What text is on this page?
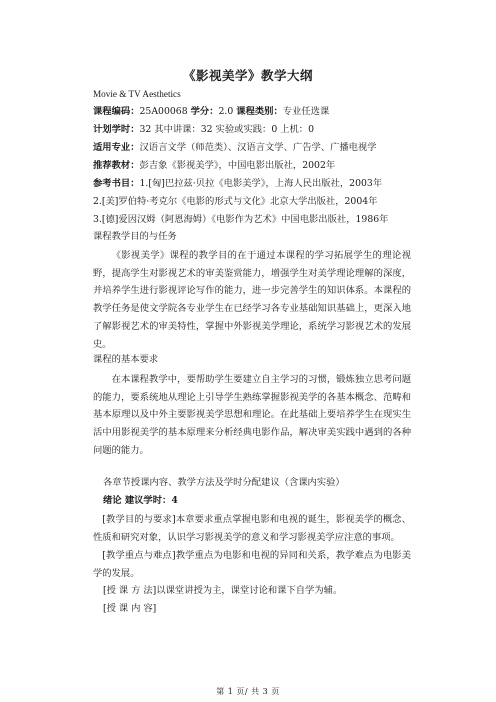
《影视美学》教学大纲
Movie & TV Aesthetics
课程编码：25A00068 学分：2.0 课程类别：专业任选课
计划学时：32 其中讲课：32 实验或实践：0 上机：0
适用专业：汉语言文学（师范类）、汉语言文学、广告学、广播电视学
推荐教材：彭吉象《影视美学》，中国电影出版社，2002年
参考书目：1.[匈]巴拉兹·贝拉《电影美学》，上海人民出版社，2003年
2.[美]罗伯特·考克尔《电影的形式与文化》北京大学出版社，2004年
3.[德]爱因汉姆（阿恩海姆）《电影作为艺术》中国电影出版社，1986年
课程教学目的与任务
《影视美学》课程的教学目的在于通过本课程的学习拓展学生的理论视野，提高学生对影视艺术的审美鉴赏能力，增强学生对美学理论理解的深度，并培养学生进行影视评论写作的能力，进一步完善学生的知识体系。本课程的教学任务是使文学院各专业学生在已经学习各专业基础知识基础上，更深入地了解影视艺术的审美特性，掌握中外影视美学理论，系统学习影视艺术的发展史。
课程的基本要求
在本课程教学中，要帮助学生要建立自主学习的习惯，锻炼独立思考问题的能力，要系统地从理论上引导学生熟练掌握影视美学的各基本概念、范畴和基本原理以及中外主要影视美学思想和理论。在此基础上要培养学生在现实生活中用影视美学的基本原理来分析经典电影作品，解决审美实践中遇到的各种问题的能力。
各章节授课内容、教学方法及学时分配建议（含课内实验）
绪论 建议学时：4
[教学目的与要求]本章要求重点掌握电影和电视的诞生，影视美学的概念、性质和研究对象，认识学习影视美学的意义和学习影视美学应注意的事项。
[教学重点与难点]教学重点为电影和电视的异同和关系，教学难点为电影美学的发展。
[授 课 方 法]以课堂讲授为主，课堂讨论和课下自学为辅。
[授 课 内 容]
第 1 页/ 共 3 页
